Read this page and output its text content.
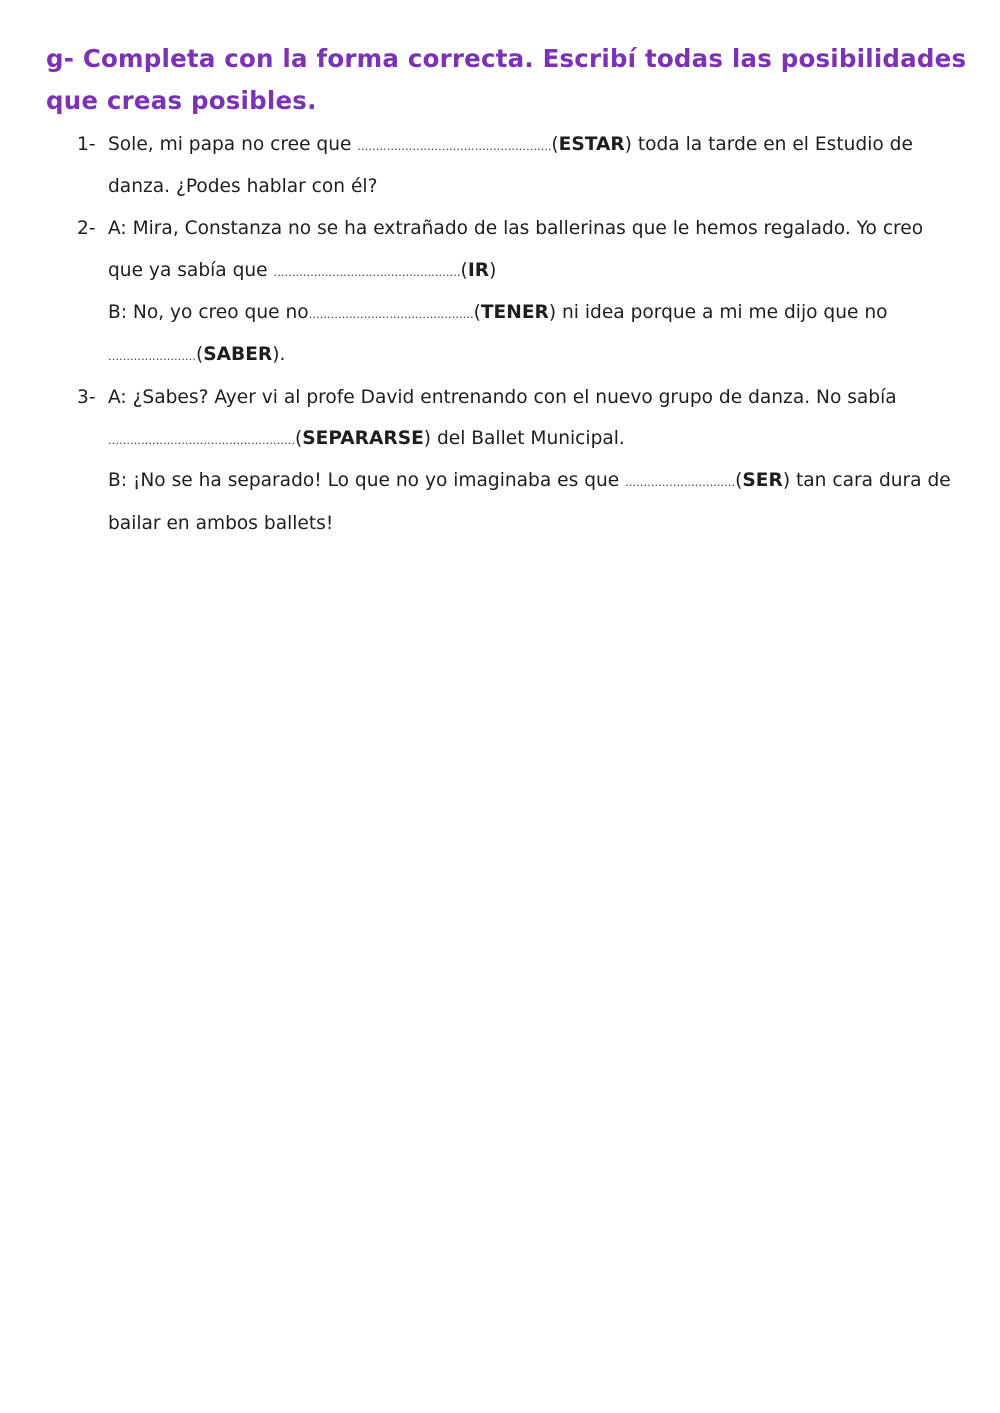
g- Completa con la forma correcta. Escribí todas las posibilidades
que creas posibles.
1- Sole, mi papa no cree que ……………………………………………..(ESTAR) toda la tarde en el Estudio de
danza. ¿Podes hablar con él?
2- A: Mira, Constanza no se ha extrañado de las ballerinas que le hemos regalado. Yo creo
que ya sabía que ……………………………………………(IR)
B: No, yo creo que no………………………………………(TENER) ni idea porque a mi me dijo que no
……………………(SABER).
3- A: ¿Sabes? Ayer vi al profe David entrenando con el nuevo grupo de danza. No sabía
……………………………………………(SEPARARSE) del Ballet Municipal.
B: ¡No se ha separado! Lo que no yo imaginaba es que …………………………(SER) tan cara dura de
bailar en ambos ballets!
